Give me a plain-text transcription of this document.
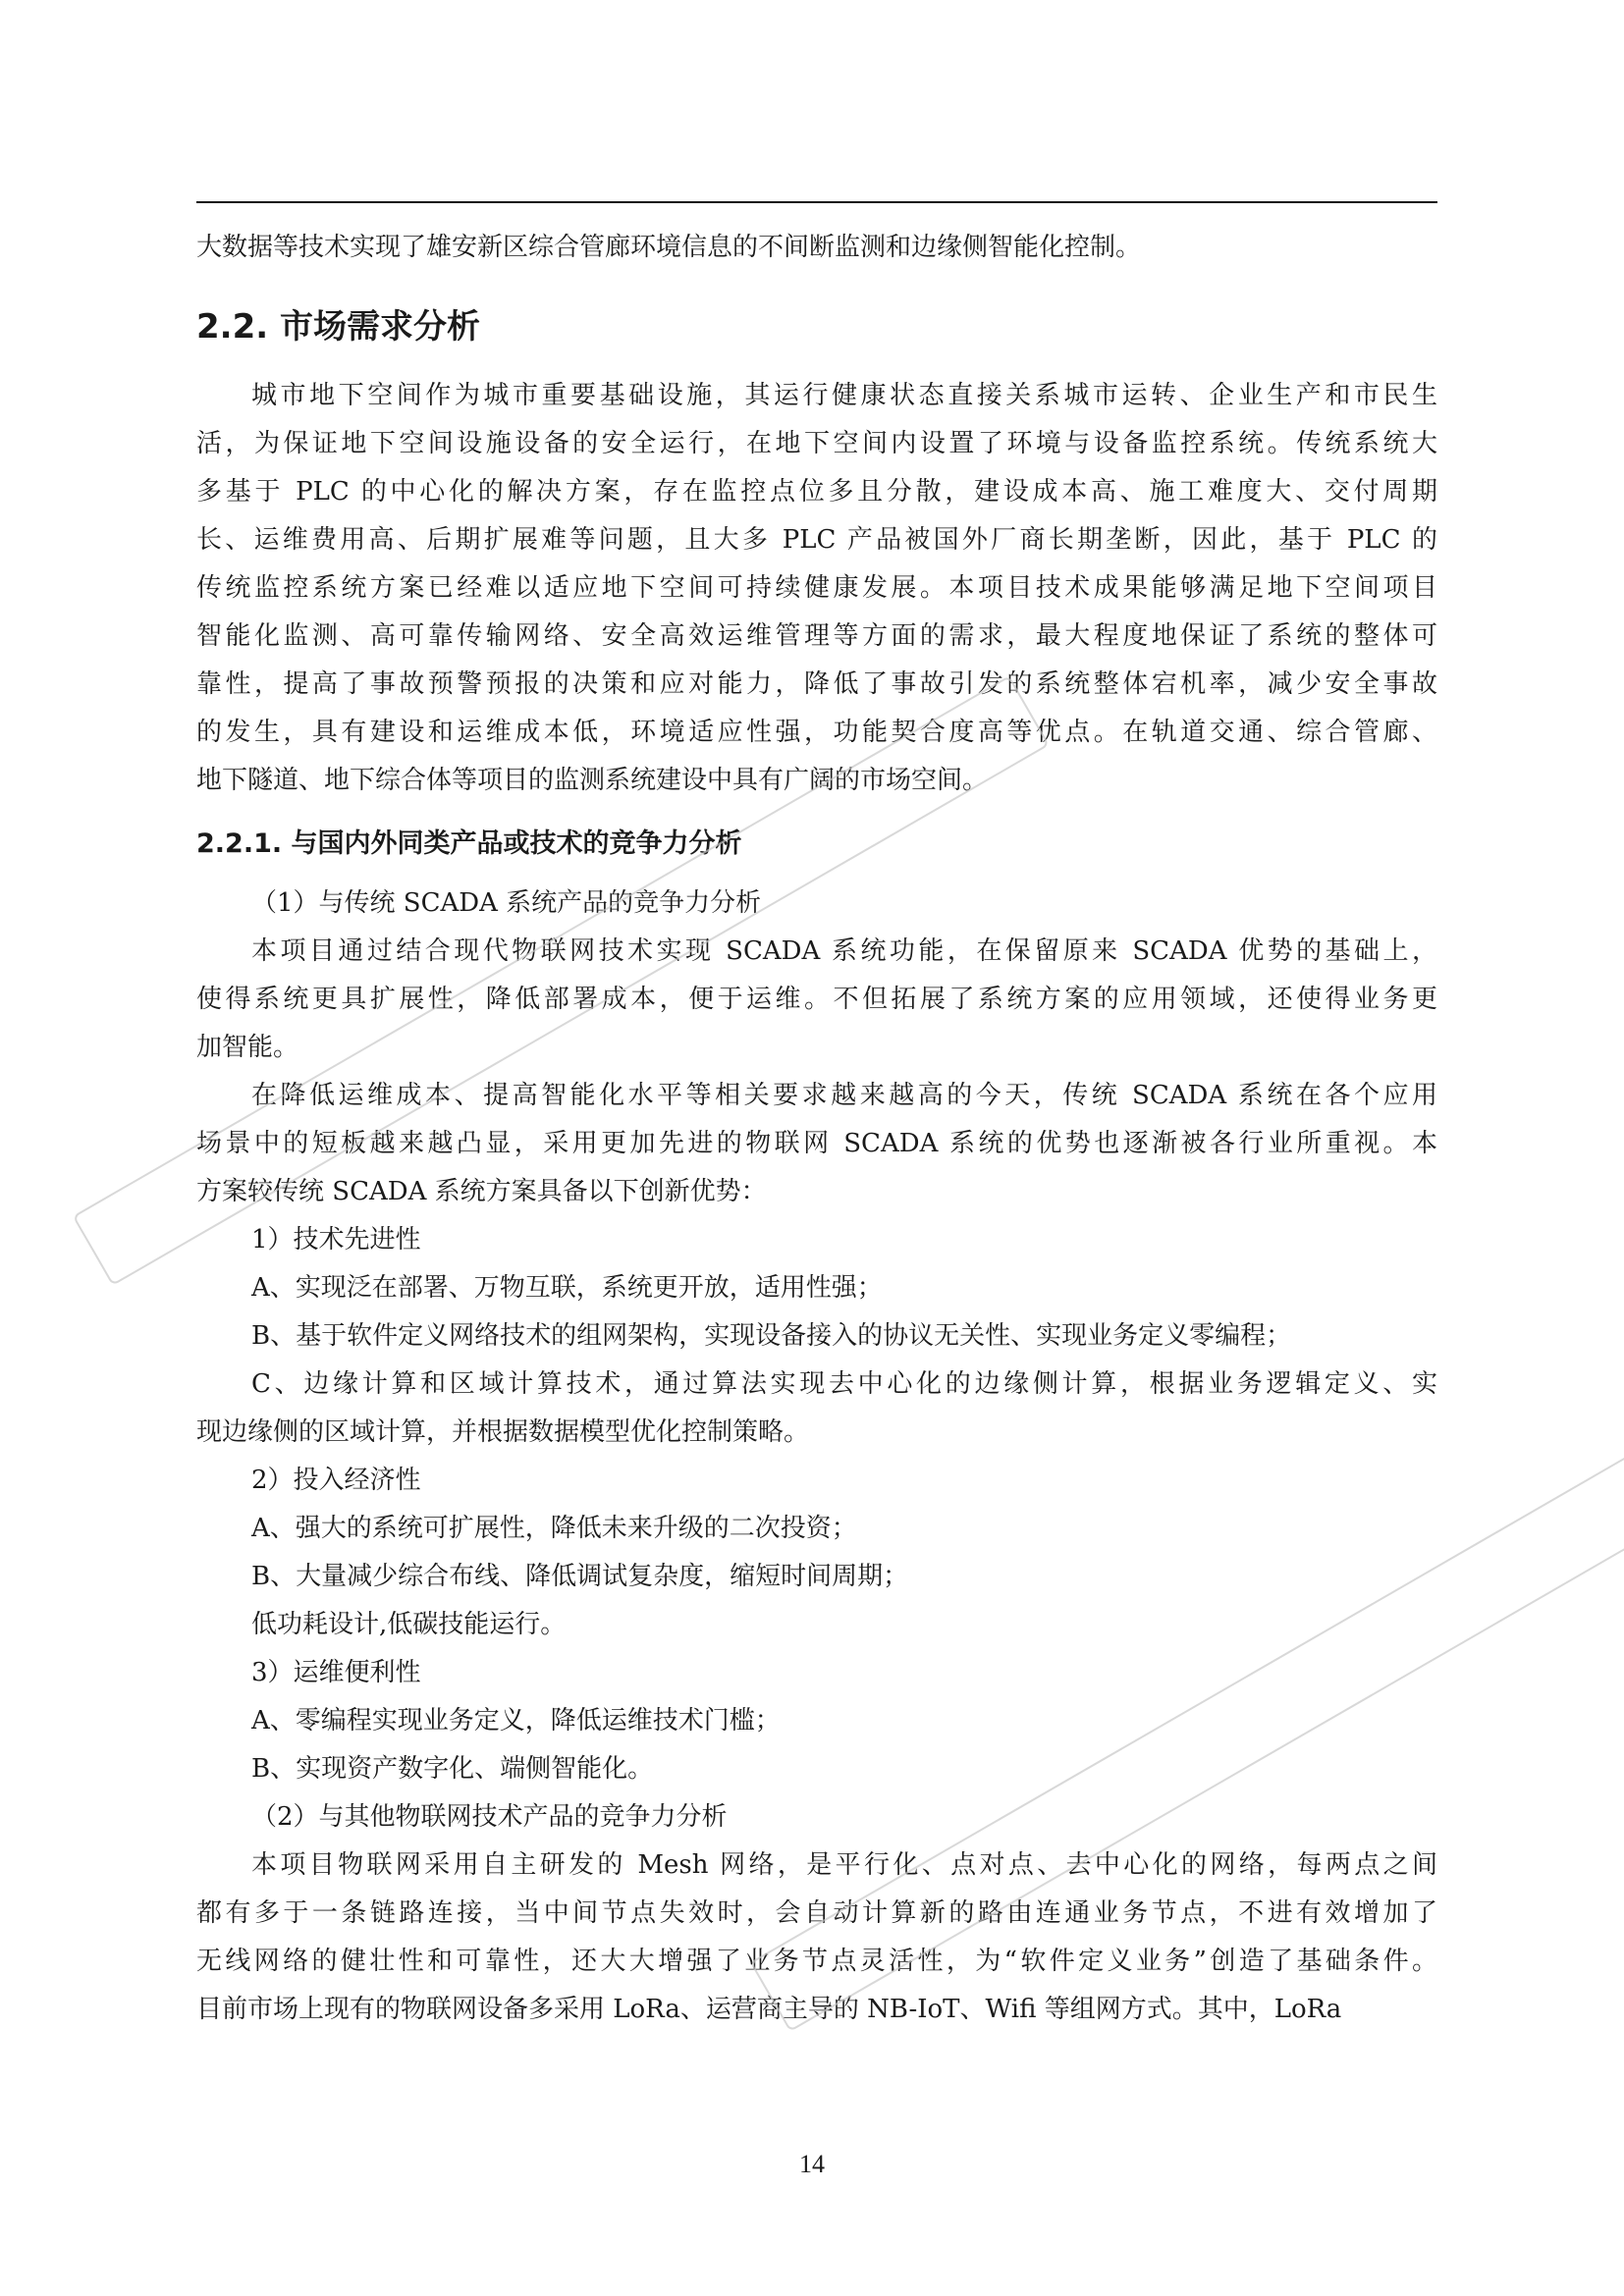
大数据等技术实现了雄安新区综合管廊环境信息的不间断监测和边缘侧智能化控制。
2.2. 市场需求分析
城市地下空间作为城市重要基础设施，其运行健康状态直接关系城市运转、企业生产和市民生
活，为保证地下空间设施设备的安全运行，在地下空间内设置了环境与设备监控系统。传统系统大
多基于 PLC 的中心化的解决方案，存在监控点位多且分散，建设成本高、施工难度大、交付周期
长、运维费用高、后期扩展难等问题，且大多 PLC 产品被国外厂商长期垄断，因此，基于 PLC 的
传统监控系统方案已经难以适应地下空间可持续健康发展。本项目技术成果能够满足地下空间项目
智能化监测、高可靠传输网络、安全高效运维管理等方面的需求，最大程度地保证了系统的整体可
靠性，提高了事故预警预报的决策和应对能力，降低了事故引发的系统整体宕机率，减少安全事故
的发生，具有建设和运维成本低，环境适应性强，功能契合度高等优点。在轨道交通、综合管廊、
地下隧道、地下综合体等项目的监测系统建设中具有广阔的市场空间。
2.2.1. 与国内外同类产品或技术的竞争力分析
（1）与传统 SCADA 系统产品的竞争力分析
本项目通过结合现代物联网技术实现 SCADA 系统功能，在保留原来 SCADA 优势的基础上，
使得系统更具扩展性，降低部署成本，便于运维。不但拓展了系统方案的应用领域，还使得业务更
加智能。
在降低运维成本、提高智能化水平等相关要求越来越高的今天，传统 SCADA 系统在各个应用
场景中的短板越来越凸显，采用更加先进的物联网 SCADA 系统的优势也逐渐被各行业所重视。本
方案较传统 SCADA 系统方案具备以下创新优势：
1）技术先进性
A、实现泛在部署、万物互联，系统更开放，适用性强；
B、基于软件定义网络技术的组网架构，实现设备接入的协议无关性、实现业务定义零编程；
C、边缘计算和区域计算技术，通过算法实现去中心化的边缘侧计算，根据业务逻辑定义、实
现边缘侧的区域计算，并根据数据模型优化控制策略。
2）投入经济性
A、强大的系统可扩展性，降低未来升级的二次投资；
B、大量减少综合布线、降低调试复杂度，缩短时间周期；
低功耗设计,低碳技能运行。
3）运维便利性
A、零编程实现业务定义，降低运维技术门槛；
B、实现资产数字化、端侧智能化。
（2）与其他物联网技术产品的竞争力分析
本项目物联网采用自主研发的 Mesh 网络，是平行化、点对点、去中心化的网络，每两点之间
都有多于一条链路连接，当中间节点失效时，会自动计算新的路由连通业务节点，不进有效增加了
无线网络的健壮性和可靠性，还大大增强了业务节点灵活性，为“软件定义业务”创造了基础条件。
目前市场上现有的物联网设备多采用 LoRa、运营商主导的 NB-IoT、Wifi 等组网方式。其中，LoRa
14
